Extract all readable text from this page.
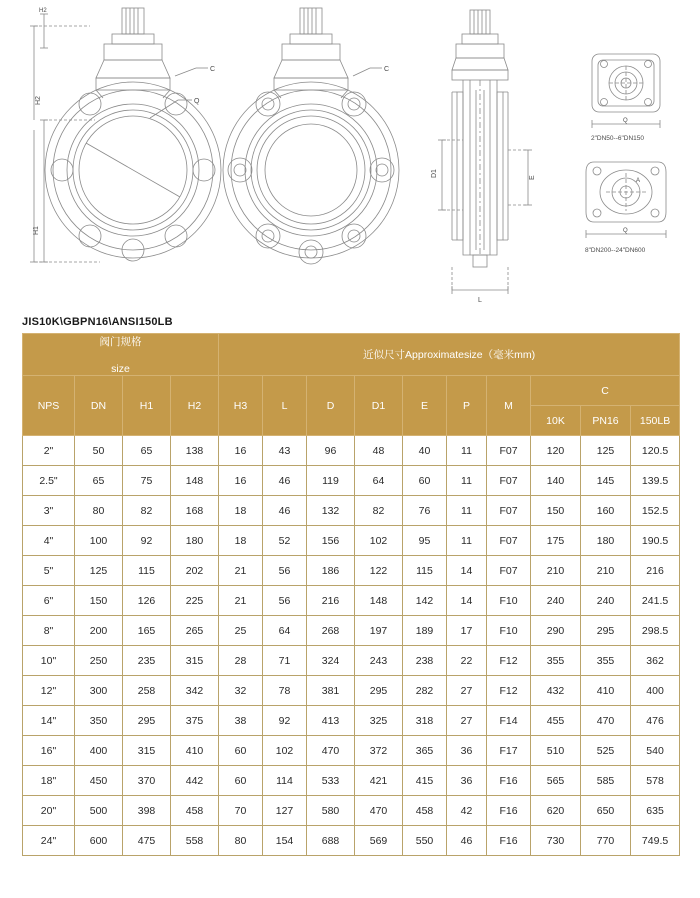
H2
H2
H1
C
Q
C
D1	E
L
Q
Q
A
2"DN50--6"DN150
8"DN200--24"DN600
JIS10K\GBPN16\ANSI150LB
阀门规格
size				近似尺寸Approximatesize（毫米mm)									

NPS	DN	H1	H2	H3	L	D	D1	E	P	M	C		
											10K	PN16	150LB
2"	50	65	138	16	43	96	48	40	11	F07	120	125	120.5
2.5"	65	75	148	16	46	119	64	60	11	F07	140	145	139.5
3"	80	82	168	18	46	132	82	76	11	F07	150	160	152.5
4"	100	92	180	18	52	156	102	95	11	F07	175	180	190.5
5"	125	115	202	21	56	186	122	115	14	F07	210	210	216
6"	150	126	225	21	56	216	148	142	14	F10	240	240	241.5
8"	200	165	265	25	64	268	197	189	17	F10	290	295	298.5
10"	250	235	315	28	71	324	243	238	22	F12	355	355	362
12"	300	258	342	32	78	381	295	282	27	F12	432	410	400
14"	350	295	375	38	92	413	325	318	27	F14	455	470	476
16"	400	315	410	60	102	470	372	365	36	F17	510	525	540
18"	450	370	442	60	114	533	421	415	36	F16	565	585	578
20"	500	398	458	70	127	580	470	458	42	F16	620	650	635
24"	600	475	558	80	154	688	569	550	46	F16	730	770	749.5
